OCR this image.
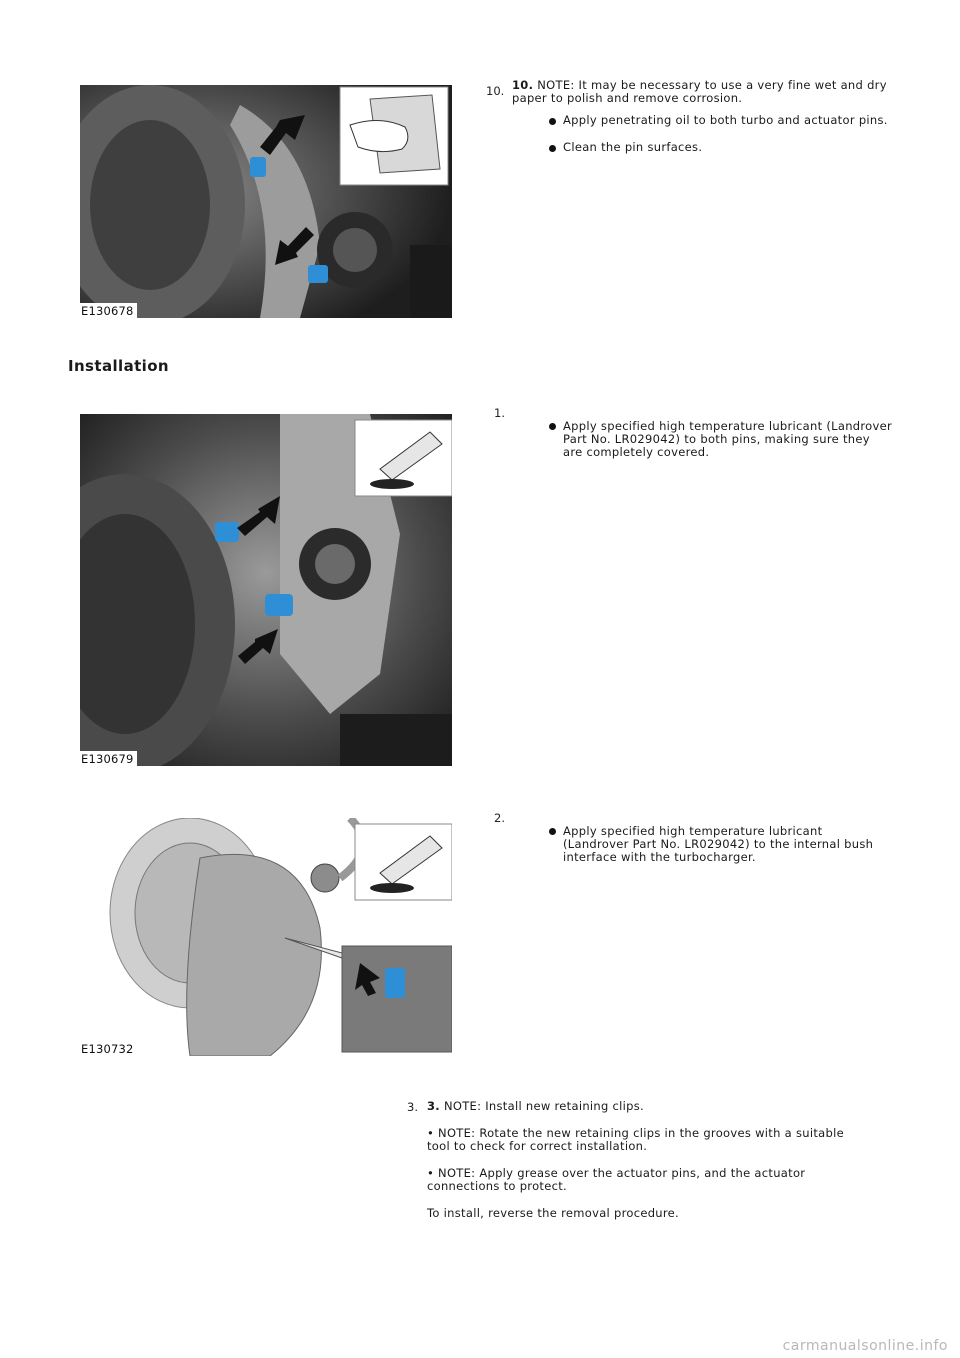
E130678
10. 10. NOTE: It may be necessary to use a very fine wet and dry paper to polish and remove corrosion.
Apply penetrating oil to both turbo and actuator pins.
Clean the pin surfaces.
Installation
E130679
1.
Apply specified high temperature lubricant (Landrover Part No. LR029042) to both pins, making sure they are completely covered.
E130732
2.
Apply specified high temperature lubricant (Landrover Part No. LR029042) to the internal bush interface with the turbocharger.
3. 3. NOTE: Install new retaining clips.
• NOTE: Rotate the new retaining clips in the grooves with a suitable tool to check for correct installation.
• NOTE: Apply grease over the actuator pins, and the actuator connections to protect.
To install, reverse the removal procedure.
carmanualsonline.info
